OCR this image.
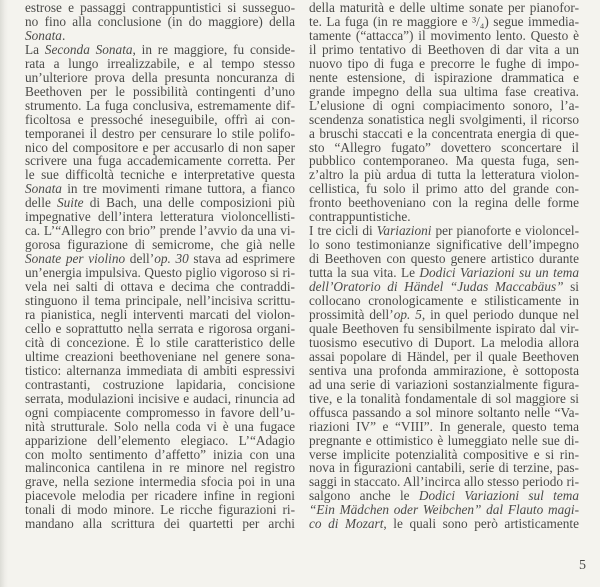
estrose e passaggi contrappuntistici si susseguo-
no fino alla conclusione (in do maggiore) della
Sonata.
La Seconda Sonata, in re maggiore, fu conside-
rata a lungo irrealizzabile, e al tempo stesso
un’ulteriore prova della presunta noncuranza di
Beethoven per le possibilità contingenti d’uno
strumento. La fuga conclusiva, estremamente dif-
ficoltosa e pressoché ineseguibile, offrì ai con-
temporanei il destro per censurare lo stile polifo-
nico del compositore e per accusarlo di non saper
scrivere una fuga accademicamente corretta. Per
le sue difficoltà tecniche e interpretative questa
Sonata in tre movimenti rimane tuttora, a fianco
delle Suite di Bach, una delle composizioni più
impegnative dell’intera letteratura violoncellisti-
ca. L’“Allegro con brio” prende l’avvio da una vi-
gorosa figurazione di semicrome, che già nelle
Sonate per violino dell’op. 30 stava ad esprimere
un’energia impulsiva. Questo piglio vigoroso si ri-
vela nei salti di ottava e decima che contraddi-
stinguono il tema principale, nell’incisiva scrittu-
ra pianistica, negli interventi marcati del violon-
cello e soprattutto nella serrata e rigorosa organi-
cità di concezione. È lo stile caratteristico delle
ultime creazioni beethoveniane nel genere sona-
tistico: alternanza immediata di ambiti espressivi
contrastanti, costruzione lapidaria, concisione
serrata, modulazioni incisive e audaci, rinuncia ad
ogni compiacente compromesso in favore dell’u-
nità strutturale. Solo nella coda vi è una fugace
apparizione dell’elemento elegiaco. L’“Adagio
con molto sentimento d’affetto” inizia con una
malinconica cantilena in re minore nel registro
grave, nella sezione intermedia sfocia poi in una
piacevole melodia per ricadere infine in regioni
tonali di modo minore. Le ricche figurazioni ri-
mandano alla scrittura dei quartetti per archi
della maturità e delle ultime sonate per pianofor-
te. La fuga (in re maggiore e ³/₄) segue immedia-
tamente (“attacca”) il movimento lento. Questo è
il primo tentativo di Beethoven di dar vita a un
nuovo tipo di fuga e precorre le fughe di impo-
nente estensione, di ispirazione drammatica e
grande impegno della sua ultima fase creativa.
L’elusione di ogni compiacimento sonoro, l’a-
scendenza sonatistica negli svolgimenti, il ricorso
a bruschi staccati e la concentrata energia di que-
sto “Allegro fugato” dovettero sconcertare il
pubblico contemporaneo. Ma questa fuga, sen-
z’altro la più ardua di tutta la letteratura violon-
cellistica, fu solo il primo atto del grande con-
fronto beethoveniano con la regina delle forme
contrappuntistiche.
I tre cicli di Variazioni per pianoforte e violoncel-
lo sono testimonianze significative dell’impegno
di Beethoven con questo genere artistico durante
tutta la sua vita. Le Dodici Variazioni su un tema
dell’Oratorio di Händel “Judas Maccabäus” si
collocano cronologicamente e stilisticamente in
prossimità dell’op. 5, in quel periodo dunque nel
quale Beethoven fu sensibilmente ispirato dal vir-
tuosismo esecutivo di Duport. La melodia allora
assai popolare di Händel, per il quale Beethoven
sentiva una profonda ammirazione, è sottoposta
ad una serie di variazioni sostanzialmente figura-
tive, e la tonalità fondamentale di sol maggiore si
offusca passando a sol minore soltanto nelle “Va-
riazioni IV” e “VIII”. In generale, questo tema
pregnante e ottimistico è lumeggiato nelle sue di-
verse implicite potenzialità compositive e si rin-
nova in figurazioni cantabili, serie di terzine, pas-
saggi in staccato. All’incirca allo stesso periodo ri-
salgono anche le Dodici Variazioni sul tema
“Ein Mädchen oder Weibchen” dal Flauto magi-
co di Mozart, le quali sono però artisticamente
5
